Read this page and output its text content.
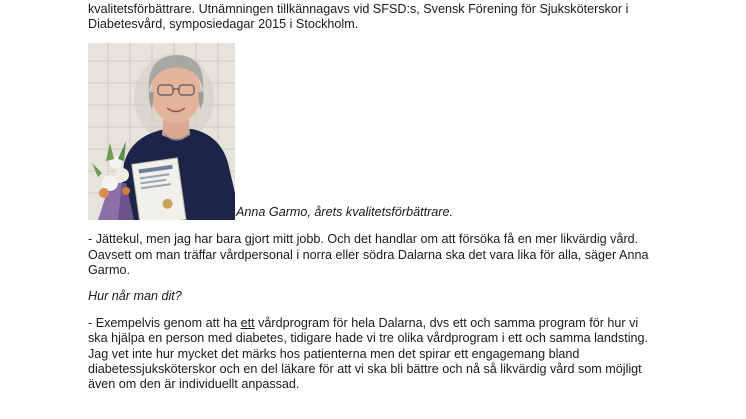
kvalitetsförbättrare. Utnämningen tillkännagavs vid SFSD:s, Svensk Förening för Sjuksköterskor i
Diabetesvård, symposiedagar 2015 i Stockholm.

Anna Garmo, årets kvalitetsförbättrare.

- Jättekul, men jag har bara gjort mitt jobb. Och det handlar om att försöka få en mer likvärdig vård.
Oavsett om man träffar vårdpersonal i norra eller södra Dalarna ska det vara lika för alla, säger Anna
Garmo.

Hur når man dit?

- Exempelvis genom att ha ett vårdprogram för hela Dalarna, dvs ett och samma program för hur vi
ska hjälpa en person med diabetes, tidigare hade vi tre olika vårdprogram i ett och samma landsting.
Jag vet inte hur mycket det märks hos patienterna men det spirar ett engagemang bland
diabetessjuksköterskor och en del läkare för att vi ska bli bättre och nå så likvärdig vård som möjligt
även om den är individuellt anpassad.
